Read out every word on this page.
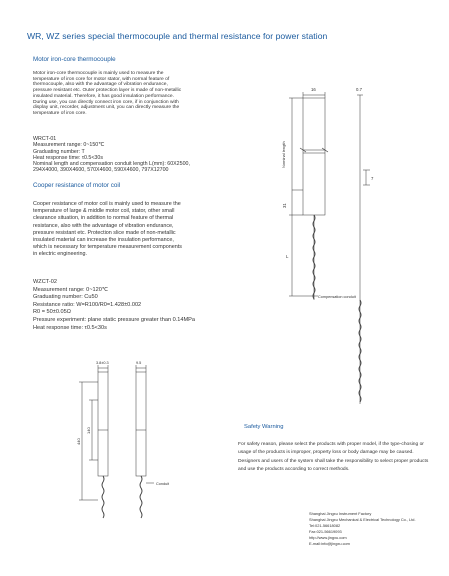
WR, WZ series special thermocouple and thermal resistance for power station
Motor iron-core thermocouple

Motor iron-core thermocouple is mainly used to measure the

temperature of iron core for motor stator, with normal feature of

thermocouple, also with the advantage of vibration endurance,

pressure resistant etc. Outer protection layer is made of non-metallic

insulated material. Therefore, it has good insulation performance.

During use, you can directly connect iron core, if in conjunction with

display unit, recorder, adjustment unit, you can directly measure the

temperature of iron core.

WRCT-01

Measurement range: 0~150℃

Graduating number: T

Heat response time: τ0.5<30s

Nominal length and compensation conduit length L(mm): 60X2500,

294X4000, 390X4600, 570X4600, 590X4600, 797X12700

Cooper resistance of motor coil

Cooper resistance of motor coil is mainly used to measure the

temperature of large & middle motor coil, stator, other small

clearance situation, in addition to normal feature of thermal

resistance, also with the advantage of vibration endurance,

pressure resistant etc. Protection slice made of non-metallic

insulated material can increase the insulation performance,

which is necessary for temperature measurement components

in electric engineering.

WZCT-02

Measurement range: 0~120℃

Graduating number: Cu50

Resistance ratio: W=R100/R0=1.428±0.002

R0 = 50±0.05Ω

Pressure experiment: plane static pressure greater than 0.14MPa

Heat response time: τ0.5<30s

16	0.7
7
31
Nominal length
L
Compensation conduit
3.8±0.3	9.5
440
140
Conduit
Safety Warning
For safety reason, please select the products with proper model, if the type-chosing or usage of the products is improper, property loss or body damage may be caused. Designers and users of the system shall take the responsibility to select proper products and use the products according to correct methods.
Shanghai Jingxu Instrument Factory
Shanghai Jingxu Mechanical & Electrical Technology Co., Ltd.
Tel:021-56618082
Fax:021-56619093
http://www.jingxu.com
E-mail:info@jingxu.com
